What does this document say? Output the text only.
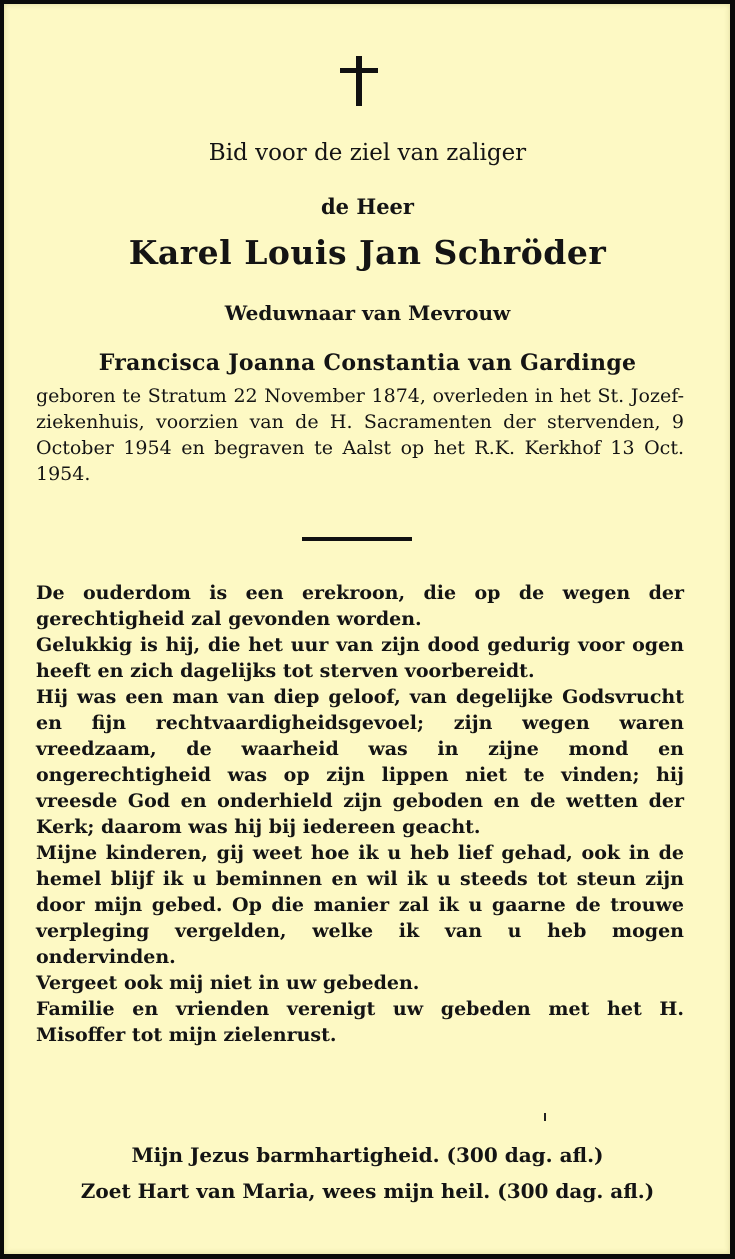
Bid voor de ziel van zaliger
de Heer
Karel Louis Jan Schröder
Weduwnaar van Mevrouw
Francisca Joanna Constantia van Gardinge

geboren te Stratum 22 November 1874, overleden in het St. Jozef-ziekenhuis, voorzien van de H. Sacramenten der stervenden, 9 October 1954 en begraven te Aalst op het R.K. Kerkhof 13 Oct. 1954.

De ouderdom is een erekroon, die op de wegen der gerechtigheid zal gevonden worden.
Gelukkig is hij, die het uur van zijn dood gedurig voor ogen heeft en zich dagelijks tot sterven voorbereidt.
Hij was een man van diep geloof, van degelijke Godsvrucht en fijn rechtvaardigheidsgevoel; zijn wegen waren vreedzaam, de waarheid was in zijne mond en ongerechtigheid was op zijn lippen niet te vinden; hij vreesde God en onderhield zijn geboden en de wetten der Kerk; daarom was hij bij iedereen geacht.
Mijne kinderen, gij weet hoe ik u heb lief gehad, ook in de hemel blijf ik u beminnen en wil ik u steeds tot steun zijn door mijn gebed. Op die manier zal ik u gaarne de trouwe verpleging vergelden, welke ik van u heb mogen ondervinden.
Vergeet ook mij niet in uw gebeden.
Familie en vrienden verenigt uw gebeden met het H. Misoffer tot mijn zielenrust.
Mijn Jezus barmhartigheid. (300 dag. afl.)
Zoet Hart van Maria, wees mijn heil. (300 dag. afl.)
